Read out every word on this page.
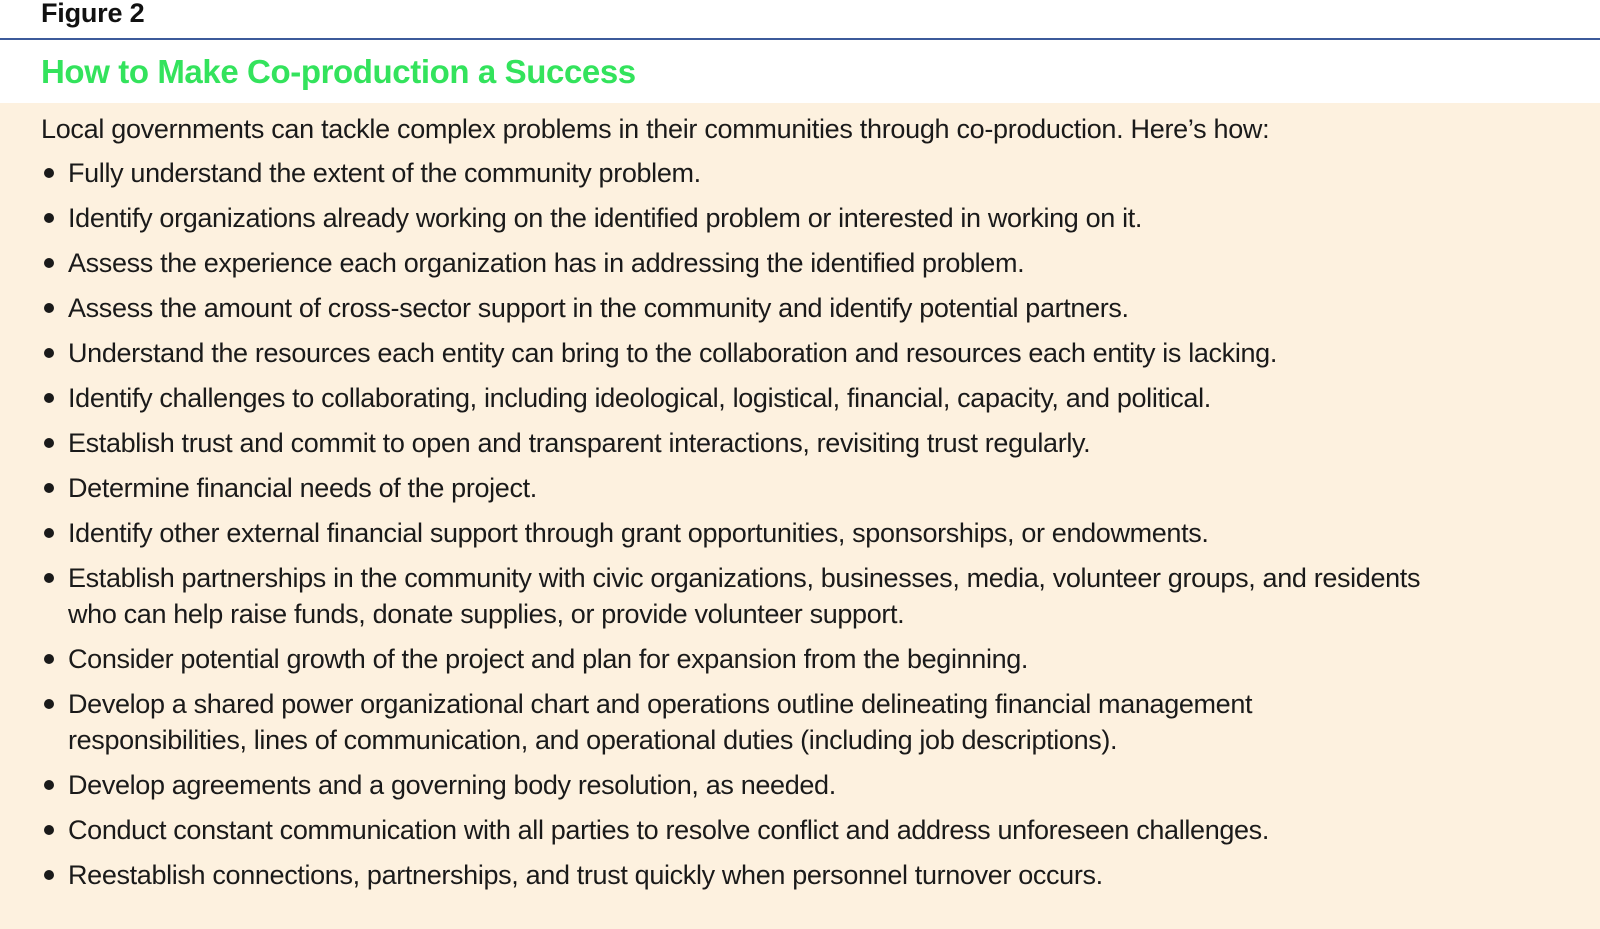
Figure 2
How to Make Co-production a Success
Local governments can tackle complex problems in their communities through co-production. Here’s how:
Fully understand the extent of the community problem.
Identify organizations already working on the identified problem or interested in working on it.
Assess the experience each organization has in addressing the identified problem.
Assess the amount of cross-sector support in the community and identify potential partners.
Understand the resources each entity can bring to the collaboration and resources each entity is lacking.
Identify challenges to collaborating, including ideological, logistical, financial, capacity, and political.
Establish trust and commit to open and transparent interactions, revisiting trust regularly.
Determine financial needs of the project.
Identify other external financial support through grant opportunities, sponsorships, or endowments.
Establish partnerships in the community with civic organizations, businesses, media, volunteer groups, and residents
who can help raise funds, donate supplies, or provide volunteer support.
Consider potential growth of the project and plan for expansion from the beginning.
Develop a shared power organizational chart and operations outline delineating financial management
responsibilities, lines of communication, and operational duties (including job descriptions).
Develop agreements and a governing body resolution, as needed.
Conduct constant communication with all parties to resolve conflict and address unforeseen challenges.
Reestablish connections, partnerships, and trust quickly when personnel turnover occurs.
